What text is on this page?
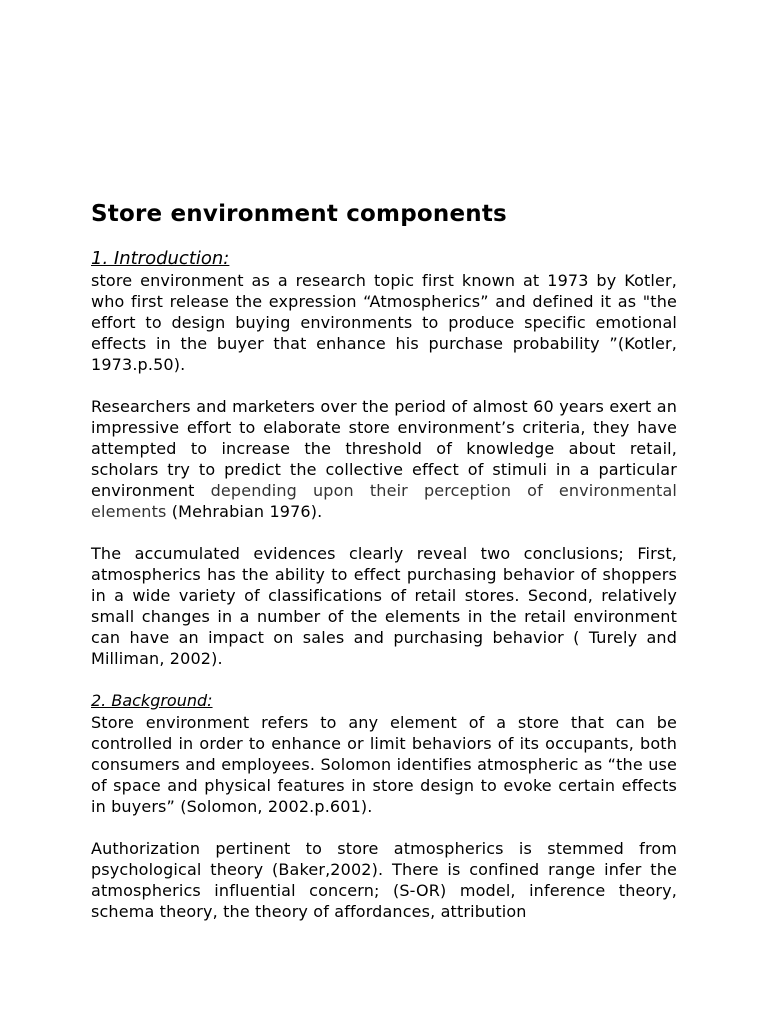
Store environment components
1. Introduction:

store environment as a research topic first known at 1973 by Kotler, who first release the expression “Atmospherics” and defined it as "the effort to design buying environments to produce specific emotional effects in the buyer that enhance his purchase probability ”(Kotler, 1973.p.50).

Researchers and marketers over the period of almost 60 years exert an impressive effort to elaborate store environment’s criteria, they have attempted to increase the threshold of knowledge about retail, scholars try to predict the collective effect of stimuli in a particular environment depending upon their perception of environmental elements (Mehrabian 1976).

The accumulated evidences clearly reveal two conclusions; First, atmospherics has the ability to effect purchasing behavior of shoppers in a wide variety of classifications of retail stores. Second, relatively small changes in a number of the elements in the retail environment can have an impact on sales and purchasing behavior ( Turely and Milliman, 2002).

2. Background:

Store environment refers to any element of a store that can be controlled in order to enhance or limit behaviors of its occupants, both consumers and employees. Solomon identifies atmospheric as “the use of space and physical features in store design to evoke certain effects in buyers” (Solomon, 2002.p.601).

Authorization pertinent to store atmospherics is stemmed from psychological theory (Baker,2002). There is confined range infer the atmospherics influential concern; (S-OR) model, inference theory, schema theory, the theory of affordances, attribution
